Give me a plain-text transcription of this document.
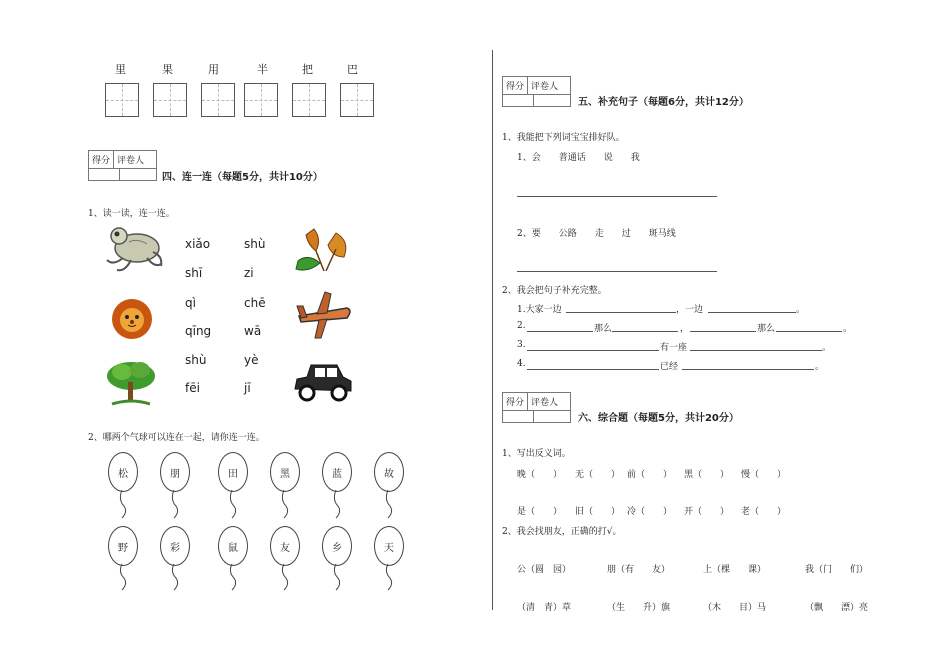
里	果	用	半	把	巴
得分 评卷人
四、连一连（每题5分，共计10分）
1、读一读，连一连。
xiǎo
shī
qì
qīng
shù
fēi
shù
zi
chē
wā
yè
jī
2、哪两个气球可以连在一起，请你连一连。
松	朋	田	黑	蓝	故
野	彩	鼠	友	乡	天
得分 评卷人
五、补充句子（每题6分，共计12分）
1、我能把下列词宝宝排好队。
1、会　　普通话　　说　　我
2、要　　公路　　走　　过　　斑马线
2、我会把句子补充完整。
1.大家一边	，一边	。
2.	那么	，	那么	。
3.	有一座	。
4.	已经	。
得分 评卷人
六、综合题（每题5分，共计20分）
1、写出反义词。
晚（　　） 无（　　） 前（　　） 黑（　　） 慢（　　）
是（　　） 旧（　　） 冷（　　） 开（　　） 老（　　）
2、我会找朋友，正确的打√。
公（圆　园）	朋（有　　友）	上（棵　　课）	我（门　　们）
（清　青）草	（生　　升）旗	（木　　目）马	（飘　　漂）亮
